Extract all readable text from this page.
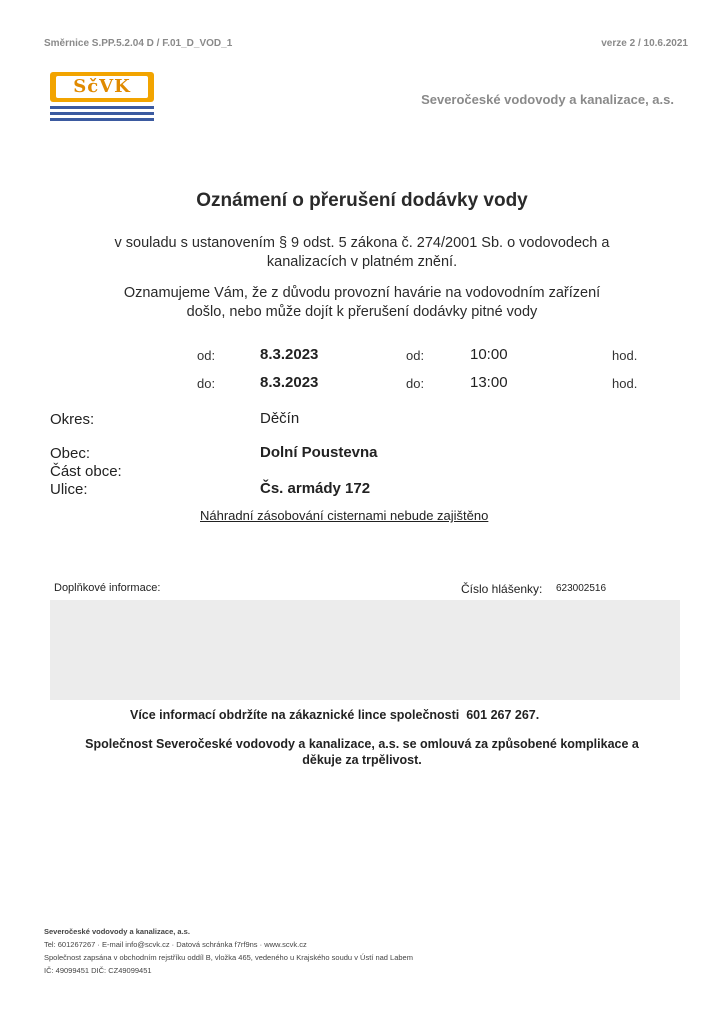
Směrnice S.PP.5.2.04 D / F.01_D_VOD_1	verze 2 / 10.6.2021
SčVK
Severočeské vodovody a kanalizace, a.s.
Oznámení o přerušení dodávky vody
v souladu s ustanovením § 9 odst. 5 zákona č. 274/2001 Sb. o vodovodech a
kanalizacích v platném znění.
Oznamujeme Vám, že z důvodu provozní havárie na vodovodním zařízení
došlo, nebo může dojít k přerušení dodávky pitné vody
od:	8.3.2023	od:	10:00	hod.
do:	8.3.2023	do:	13:00	hod.
Okres:	Děčín
Obec:	Dolní Poustevna
Část obce:
Ulice:	Čs. armády 172
Náhradní zásobování cisternami nebude zajištěno
Doplňkové informace:	Číslo hlášenky: 623002516
Více informací obdržíte na zákaznické lince společnosti 601 267 267.
Společnost Severočeské vodovody a kanalizace, a.s. se omlouvá za způsobené komplikace a
děkuje za trpělivost.
Severočeské vodovody a kanalizace, a.s.
Tel: 601267267 · E-mail info@scvk.cz · Datová schránka f7rf9ns · www.scvk.cz
Společnost zapsána v obchodním rejstříku oddíl B, vložka 465, vedeného u Krajského soudu v Ústí nad Labem
IČ: 49099451 DIČ: CZ49099451
